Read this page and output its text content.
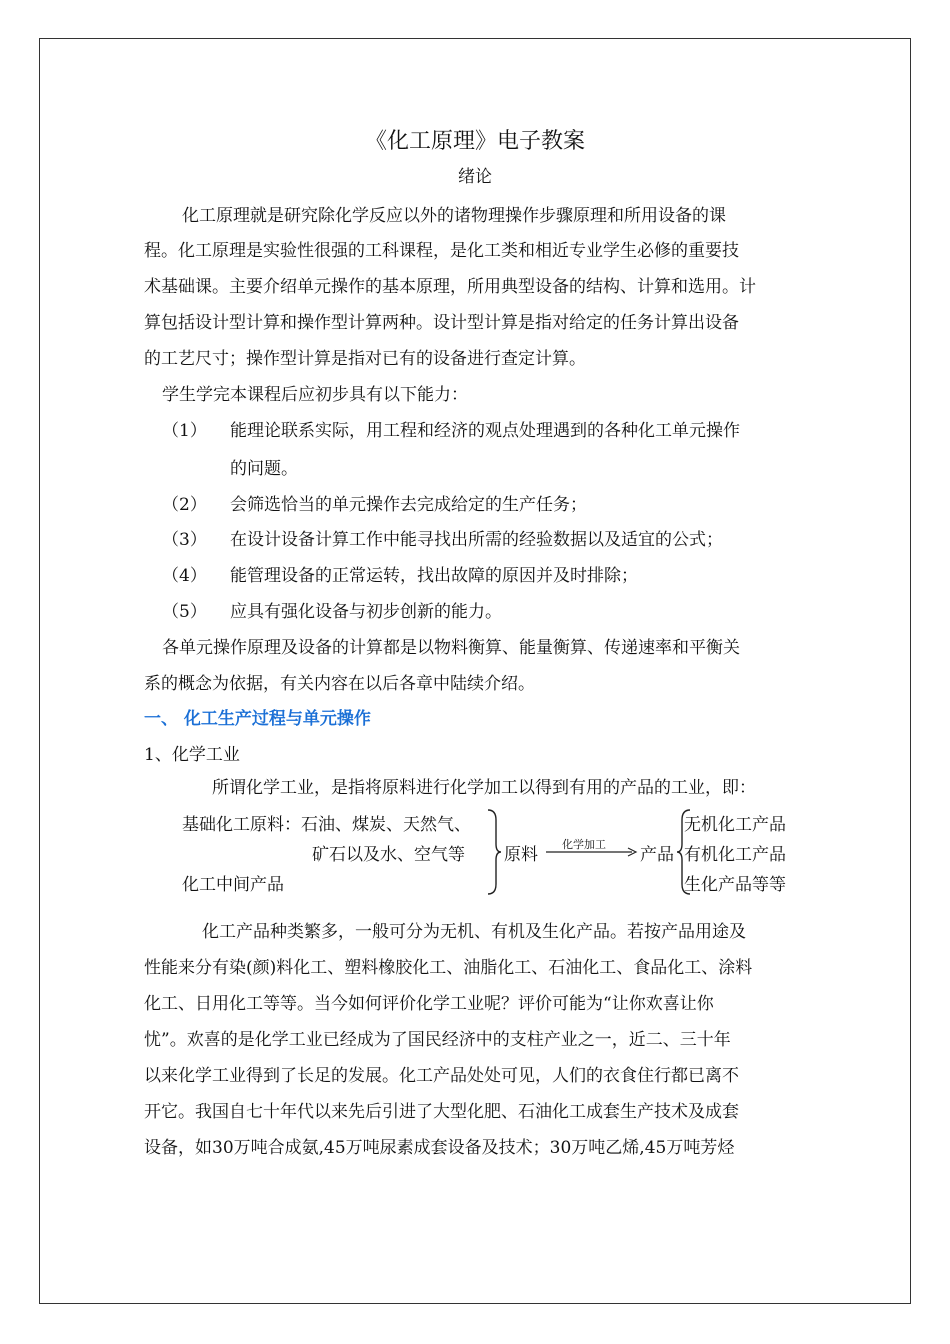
《化工原理》电子教案
绪论
化工原理就是研究除化学反应以外的诸物理操作步骤原理和所用设备的课
程。化工原理是实验性很强的工科课程，是化工类和相近专业学生必修的重要技
术基础课。主要介绍单元操作的基本原理，所用典型设备的结构、计算和选用。计
算包括设计型计算和操作型计算两种。设计型计算是指对给定的任务计算出设备
的工艺尺寸；操作型计算是指对已有的设备进行查定计算。
学生学完本课程后应初步具有以下能力：
（1） 能理论联系实际，用工程和经济的观点处理遇到的各种化工单元操作
的问题。
（2） 会筛选恰当的单元操作去完成给定的生产任务；
（3） 在设计设备计算工作中能寻找出所需的经验数据以及适宜的公式；
（4） 能管理设备的正常运转，找出故障的原因并及时排除；
（5） 应具有强化设备与初步创新的能力。
各单元操作原理及设备的计算都是以物料衡算、能量衡算、传递速率和平衡关
系的概念为依据，有关内容在以后各章中陆续介绍。
一、 化工生产过程与单元操作
1、化学工业
所谓化学工业，是指将原料进行化学加工以得到有用的产品的工业，即：
基础化工原料：石油、煤炭、天然气、
矿石以及水、空气等
化工中间产品
原料
化学加工
产品
无机化工产品
有机化工产品
生化产品等等
化工产品种类繁多，一般可分为无机、有机及生化产品。若按产品用途及
性能来分有染(颜)料化工、塑料橡胶化工、油脂化工、石油化工、食品化工、涂料
化工、日用化工等等。当今如何评价化学工业呢？评价可能为“让你欢喜让你
忧”。欢喜的是化学工业已经成为了国民经济中的支柱产业之一，近二、三十年
以来化学工业得到了长足的发展。化工产品处处可见，人们的衣食住行都已离不
开它。我国自七十年代以来先后引进了大型化肥、石油化工成套生产技术及成套
设备，如30万吨合成氨,45万吨尿素成套设备及技术；30万吨乙烯,45万吨芳烃
